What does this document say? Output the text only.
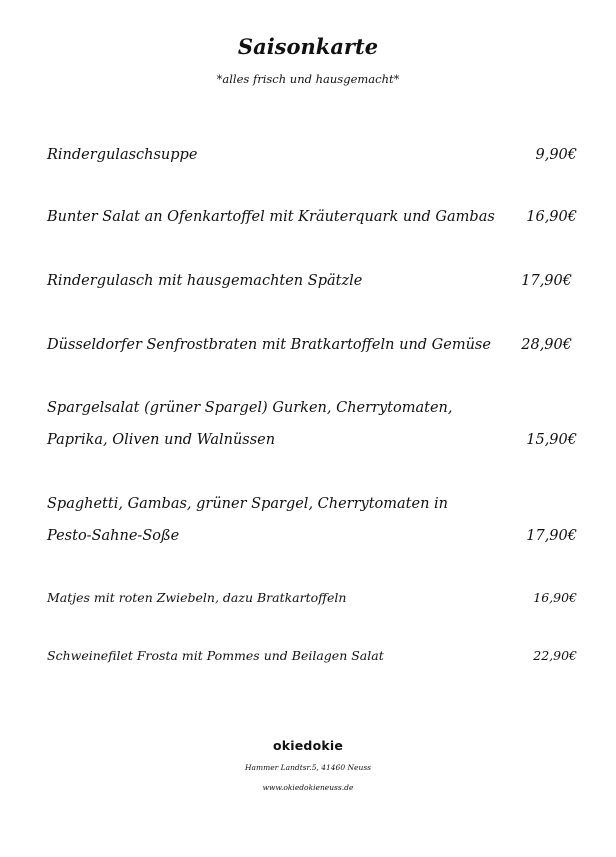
Saisonkarte
*alles frisch und hausgemacht*
Rindergulaschsuppe	9,90€
Bunter Salat an Ofenkartoffel mit Kräuterquark und Gambas	16,90€
Rindergulasch mit hausgemachten Spätzle	17,90€
Düsseldorfer Senfrostbraten mit Bratkartoffeln und Gemüse	28,90€
Spargelsalat (grüner Spargel) Gurken, Cherrytomaten,
Paprika, Oliven und Walnüssen	15,90€
Spaghetti, Gambas, grüner Spargel, Cherrytomaten in
Pesto-Sahne-Soße	17,90€
Matjes mit roten Zwiebeln, dazu Bratkartoffeln	16,90€
Schweinefilet Frosta mit Pommes und Beilagen Salat	22,90€
okiedokie
Hammer Landtsr.5, 41460 Neuss
www.okiedokieneuss.de
